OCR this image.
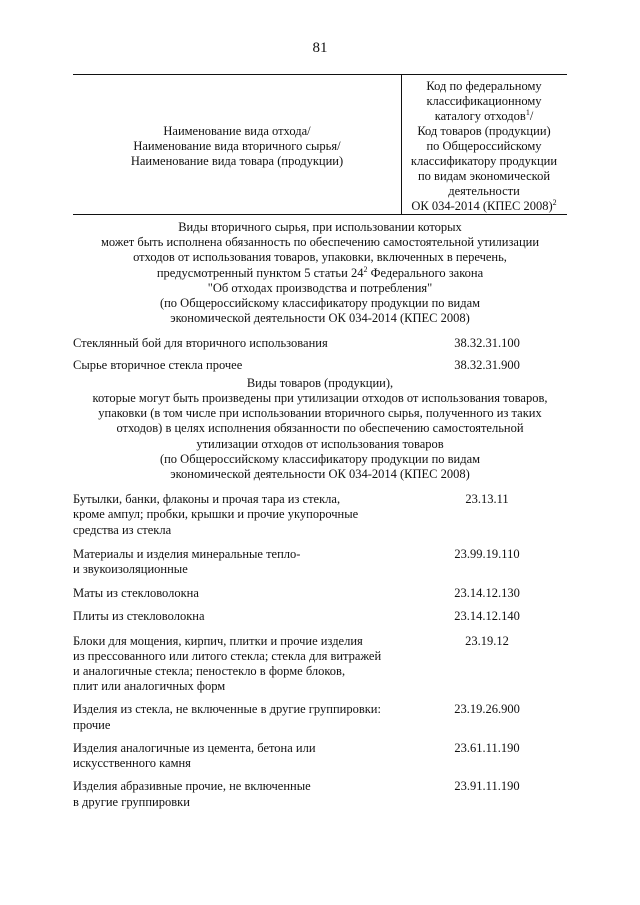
81
Наименование вида отхода/
Наименование вида вторичного сырья/
Наименование вида товара (продукции)
Код по федеральному
классификационному
каталогу отходов$^1$/
Код товаров (продукции)
по Общероссийскому
классификатору продукции
по видам экономической
деятельности
ОК 034-2014 (КПЕС 2008)$^2$
Виды вторичного сырья, при использовании которых
может быть исполнена обязанность по обеспечению самостоятельной утилизации
отходов от использования товаров, упаковки, включенных в перечень,
предусмотренный пунктом 5 статьи $24^2$ Федерального закона
"Об отходах производства и потребления"
(по Общероссийскому классификатору продукции по видам
экономической деятельности ОК 034-2014 (КПЕС 2008)
Стеклянный бой для вторичного использования	38.32.31.100
Сырье вторичное стекла прочее	38.32.31.900
Виды товаров (продукции),
которые могут быть произведены при утилизации отходов от использования товаров,
упаковки (в том числе при использовании вторичного сырья, полученного из таких
отходов) в целях исполнения обязанности по обеспечению самостоятельной
утилизации отходов от использования товаров
(по Общероссийскому классификатору продукции по видам
экономической деятельности ОК 034-2014 (КПЕС 2008)
Бутылки, банки, флаконы и прочая тара из стекла,
кроме ампул; пробки, крышки и прочие укупорочные
средства из стекла
23.13.11
Материалы и изделия минеральные тепло-
и звукоизоляционные
23.99.19.110
Маты из стекловолокна	23.14.12.130
Плиты из стекловолокна	23.14.12.140
Блоки для мощения, кирпич, плитки и прочие изделия
из прессованного или литого стекла; стекла для витражей
и аналогичные стекла; пеностекло в форме блоков,
плит или аналогичных форм
23.19.12
Изделия из стекла, не включенные в другие группировки:
прочие
23.19.26.900
Изделия аналогичные из цемента, бетона или
искусственного камня
23.61.11.190
Изделия абразивные прочие, не включенные
в другие группировки
23.91.11.190
